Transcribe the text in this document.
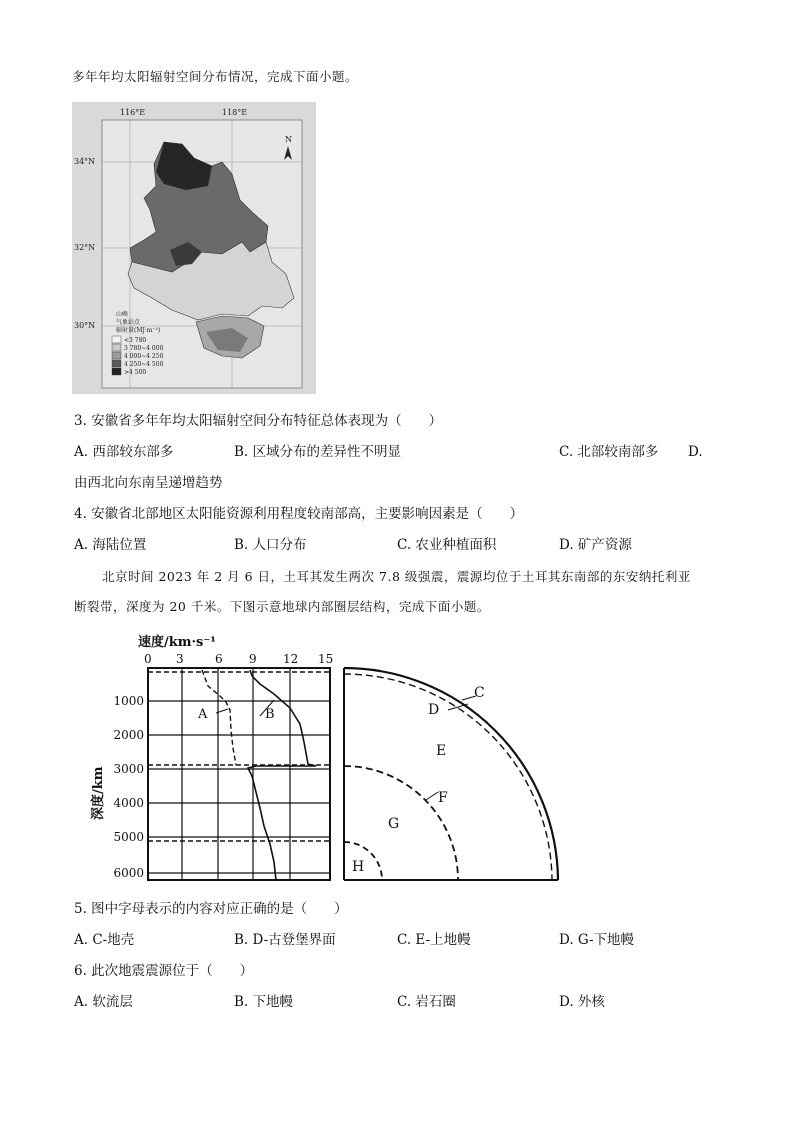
多年年均太阳辐射空间分布情况，完成下面小题。
116°E	118°E
34°N
32°N
30°N
N
山峰
气象站点
辐射量(MJ·m⁻²)
<3 780
3 780~4 000
4 000~4 250
4 250~4 500
>4 500
3. 安徽省多年年均太阳辐射空间分布特征总体表现为（　　）
A. 西部较东部多	B. 区域分布的差异性不明显	C. 北部较南部多 D.
由西北向东南呈递增趋势
4. 安徽省北部地区太阳能资源利用程度较南部高，主要影响因素是（　　）
A. 海陆位置	B. 人口分布	C. 农业种植面积	D. 矿产资源
北京时间 2023 年 2 月 6 日，土耳其发生两次 7.8 级强震，震源均位于土耳其东南部的东安纳托利亚
断裂带，深度为 20 千米。下图示意地球内部圈层结构，完成下面小题。
速度/km·s⁻¹
0 3	6 9 12 15
1000
2000
3000
4000
5000
6000
深度/km
A	B
C
D
E
F
G
H
5. 图中字母表示的内容对应正确的是（　　）
A. C-地壳	B. D-古登堡界面	C. E-上地幔	D. G-下地幔
6. 此次地震震源位于（　　）
A. 软流层	B. 下地幔	C. 岩石圈	D. 外核
